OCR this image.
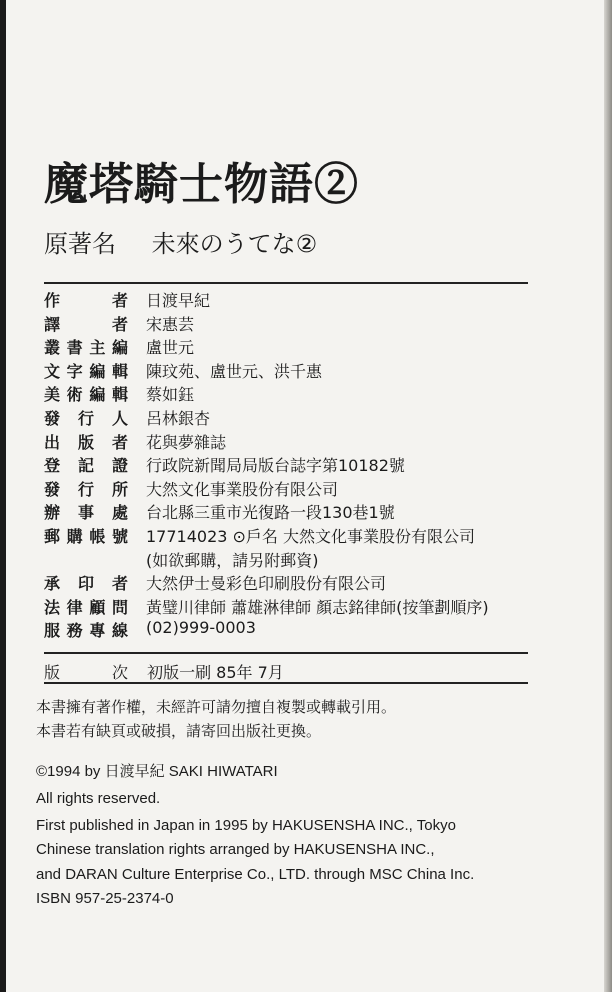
魔塔騎士物語②
原著名 未來のうてな②
作者 日渡早紀
譯者 宋惠芸
叢書主編 盧世元
文字編輯 陳玟苑、盧世元、洪千惠
美術編輯 蔡如鈺
發行人 呂林銀杏
出版者 花與夢雜誌
登記證 行政院新聞局局版台誌字第10182號
發行所 大然文化事業股份有限公司
辦事處 台北縣三重市光復路一段130巷1號
郵購帳號 17714023 ⊙戶名 大然文化事業股份有限公司
(如欲郵購，請另附郵資)
承印者 大然伊士曼彩色印刷股份有限公司
法律顧問 黃璧川律師 蕭雄淋律師 顏志銘律師(按筆劃順序)
服務專線 (02)999-0003
版次 初版一刷 85年 7月
本書擁有著作權，未經許可請勿擅自複製或轉載引用。
本書若有缺頁或破損，請寄回出版社更換。
©1994 by 日渡早紀 SAKI HIWATARI
All rights reserved.
First published in Japan in 1995 by HAKUSENSHA INC., Tokyo
Chinese translation rights arranged by HAKUSENSHA INC.,
and DARAN Culture Enterprise Co., LTD. through MSC China Inc.
ISBN 957-25-2374-0
